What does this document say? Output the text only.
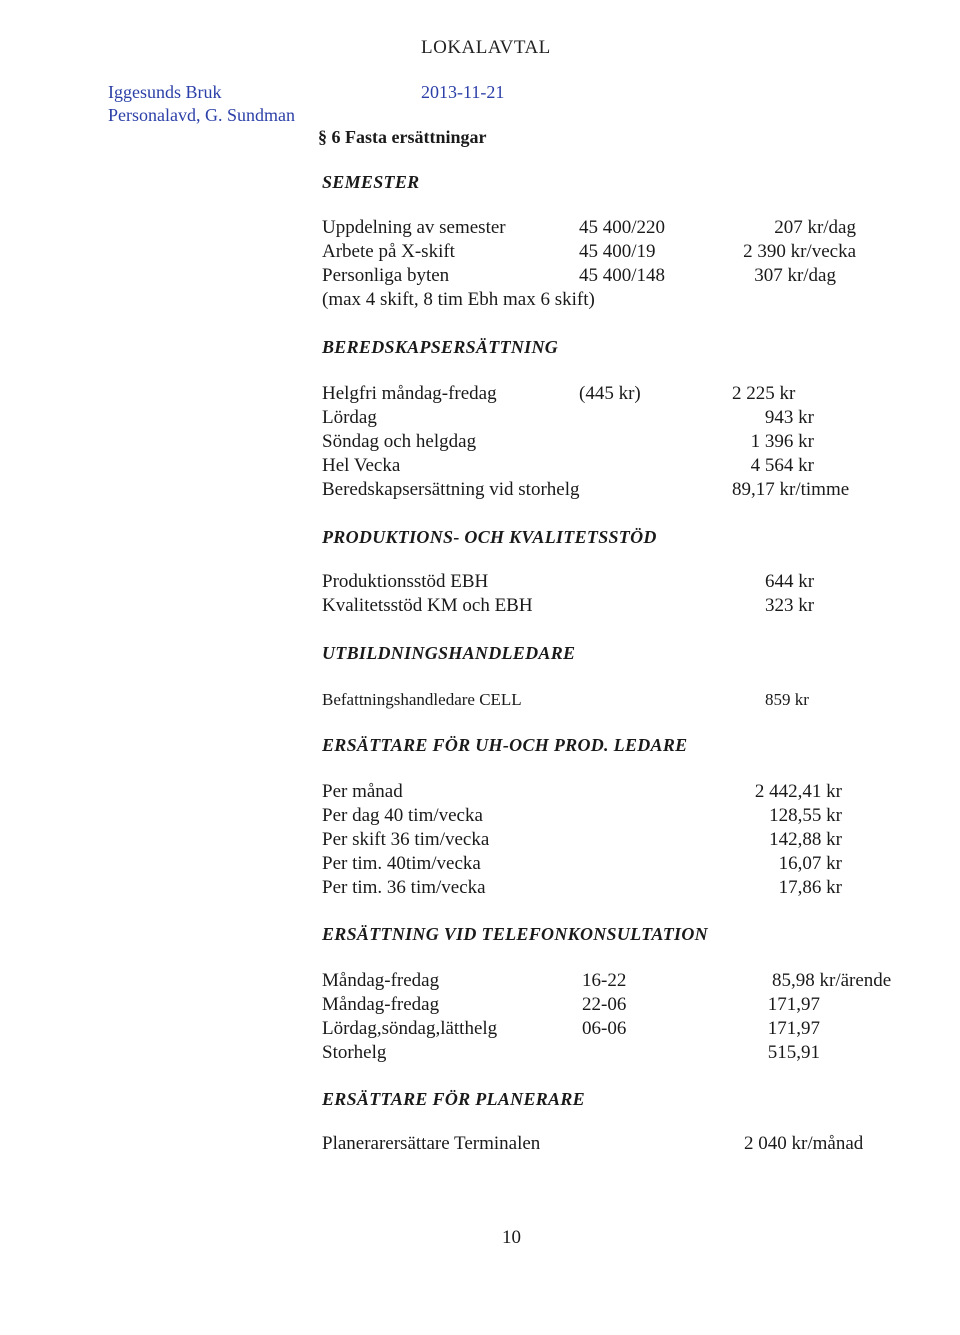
LOKALAVTAL
Iggesunds Bruk	2013-11-21
Personalavd, G. Sundman
§ 6 Fasta ersättningar
SEMESTER
Uppdelning av semester	45 400/220	207 kr/dag
Arbete på X-skift	45 400/19	2 390 kr/vecka
Personliga byten	45 400/148	307 kr/dag
(max 4 skift, 8 tim Ebh max 6 skift)
BEREDSKAPSERSÄTTNING
Helgfri måndag-fredag	(445 kr)	2 225 kr
Lördag	943 kr
Söndag och helgdag	1 396 kr
Hel Vecka	4 564 kr
Beredskapsersättning vid storhelg	89,17 kr/timme
PRODUKTIONS- OCH KVALITETSSTÖD
Produktionsstöd EBH	644 kr
Kvalitetsstöd KM och EBH	323 kr
UTBILDNINGSHANDLEDARE
Befattningshandledare CELL	859 kr
ERSÄTTARE FÖR UH-OCH PROD. LEDARE
Per månad	2 442,41 kr
Per dag 40 tim/vecka	128,55 kr
Per skift 36 tim/vecka	142,88 kr
Per tim. 40tim/vecka	16,07 kr
Per tim. 36 tim/vecka	17,86 kr
ERSÄTTNING VID TELEFONKONSULTATION
Måndag-fredag	16-22	85,98 kr/ärende
Måndag-fredag	22-06	171,97
Lördag,söndag,lätthelg	06-06	171,97
Storhelg	515,91
ERSÄTTARE FÖR PLANERARE
Planerarersättare Terminalen	2 040 kr/månad
10
